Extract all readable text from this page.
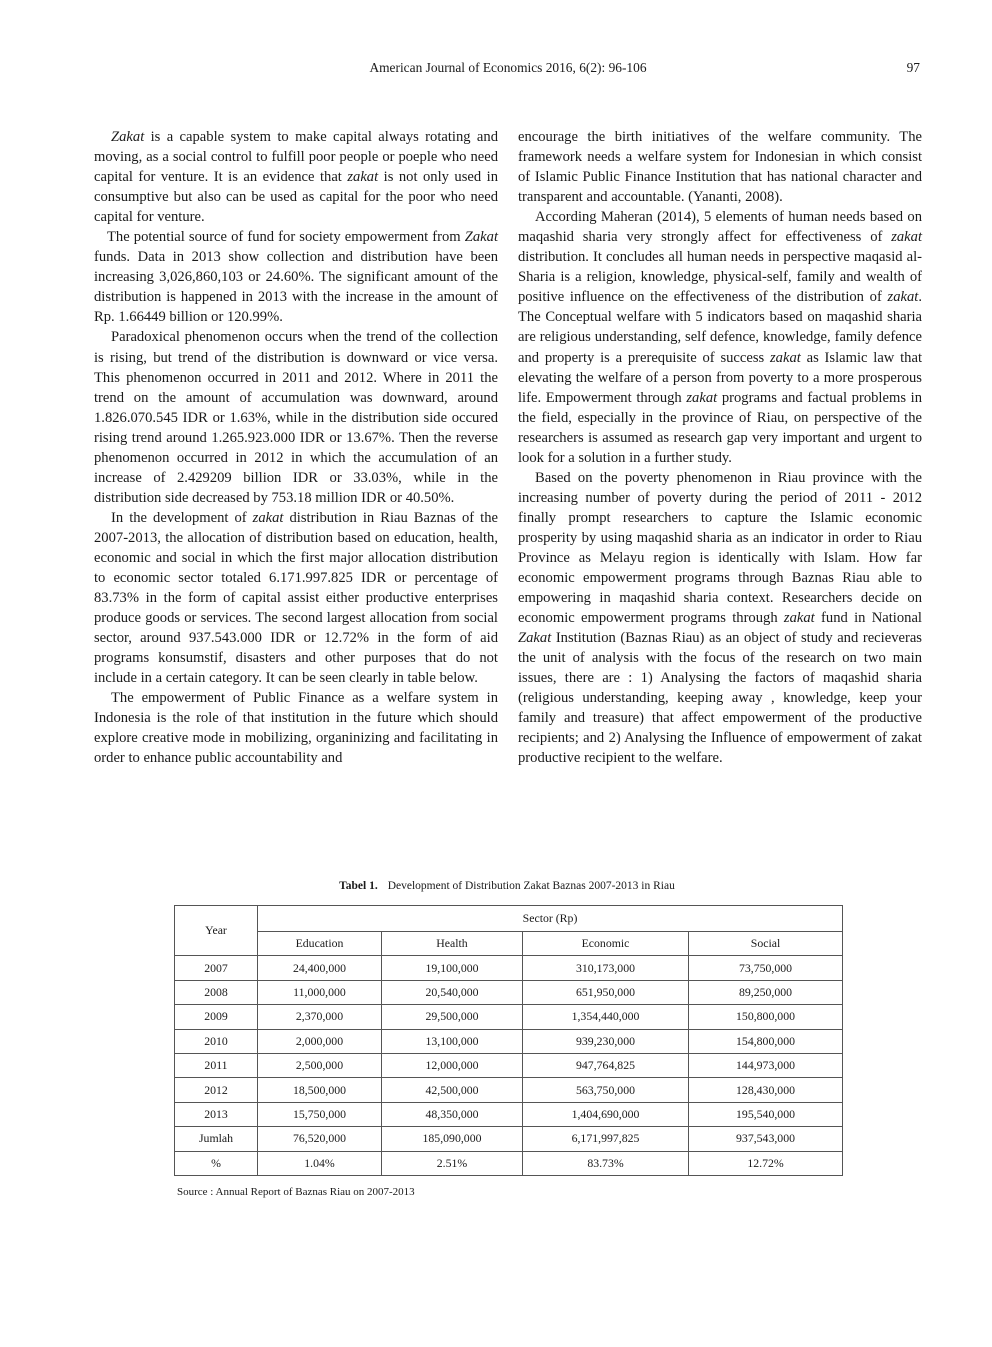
American Journal of Economics 2016, 6(2): 96-106	97

Zakat is a capable system to make capital always rotating and moving, as a social control to fulfill poor people or poeple who need capital for venture. It is an evidence that zakat is not only used in consumptive but also can be used as capital for the poor who need capital for venture.

The potential source of fund for society empowerment from Zakat funds. Data in 2013 show collection and distribution have been increasing 3,026,860,103 or 24.60%. The significant amount of the distribution is happened in 2013 with the increase in the amount of Rp. 1.66449 billion or 120.99%.

Paradoxical phenomenon occurs when the trend of the collection is rising, but trend of the distribution is downward or vice versa. This phenomenon occurred in 2011 and 2012. Where in 2011 the trend on the amount of accumulation was downward, around 1.826.070.545 IDR or 1.63%, while in the distribution side occured rising trend around 1.265.923.000 IDR or 13.67%. Then the reverse phenomenon occurred in 2012 in which the accumulation of an increase of 2.429209 billion IDR or 33.03%, while in the distribution side decreased by 753.18 million IDR or 40.50%.

In the development of zakat distribution in Riau Baznas of the 2007-2013, the allocation of distribution based on education, health, economic and social in which the first major allocation distribution to economic sector totaled 6.171.997.825 IDR or percentage of 83.73% in the form of capital assist either productive enterprises produce goods or services. The second largest allocation from social sector, around 937.543.000 IDR or 12.72% in the form of aid programs konsumstif, disasters and other purposes that do not include in a certain category. It can be seen clearly in table below.

The empowerment of Public Finance as a welfare system in Indonesia is the role of that institution in the future which should explore creative mode in mobilizing, organinizing and facilitating in order to enhance public accountability and

encourage the birth initiatives of the welfare community. The framework needs a welfare system for Indonesian in which consist of Islamic Public Finance Institution that has national character and transparent and accountable. (Yananti, 2008).

According Maheran (2014), 5 elements of human needs based on maqashid sharia very strongly affect for effectiveness of zakat distribution. It concludes all human needs in perspective maqasid al-Sharia is a religion, knowledge, physical-self, family and wealth of positive influence on the effectiveness of the distribution of zakat. The Conceptual welfare with 5 indicators based on maqashid sharia are religious understanding, self defence, knowledge, family defence and property is a prerequisite of success zakat as Islamic law that elevating the welfare of a person from poverty to a more prosperous life. Empowerment through zakat programs and factual problems in the field, especially in the province of Riau, on perspective of the researchers is assumed as research gap very important and urgent to look for a solution in a further study.

Based on the poverty phenomenon in Riau province with the increasing number of poverty during the period of 2011 - 2012 finally prompt researchers to capture the Islamic economic prosperity by using maqashid sharia as an indicator in order to Riau Province as Melayu region is identically with Islam. How far economic empowerment programs through Baznas Riau able to empowering in maqashid sharia context. Researchers decide on economic empowerment programs through zakat fund in National Zakat Institution (Baznas Riau) as an object of study and recieveras the unit of analysis with the focus of the research on two main issues, there are : 1) Analysing the factors of maqashid sharia (religious understanding, keeping away , knowledge, keep your family and treasure) that affect empowerment of the productive recipients; and 2) Analysing the Influence of empowerment of zakat productive recipient to the welfare.

Tabel 1. Development of Distribution Zakat Baznas 2007-2013 in Riau
Year	Sector (Rp)			
	Education	Health	Economic	Social
2007	24,400,000	19,100,000	310,173,000	73,750,000
2008	11,000,000	20,540,000	651,950,000	89,250,000
2009	2,370,000	29,500,000	1,354,440,000	150,800,000
2010	2,000,000	13,100,000	939,230,000	154,800,000
2011	2,500,000	12,000,000	947,764,825	144,973,000
2012	18,500,000	42,500,000	563,750,000	128,430,000
2013	15,750,000	48,350,000	1,404,690,000	195,540,000
Jumlah	76,520,000	185,090,000	6,171,997,825	937,543,000
%	1.04%	2.51%	83.73%	12.72%
Source : Annual Report of Baznas Riau on 2007-2013
